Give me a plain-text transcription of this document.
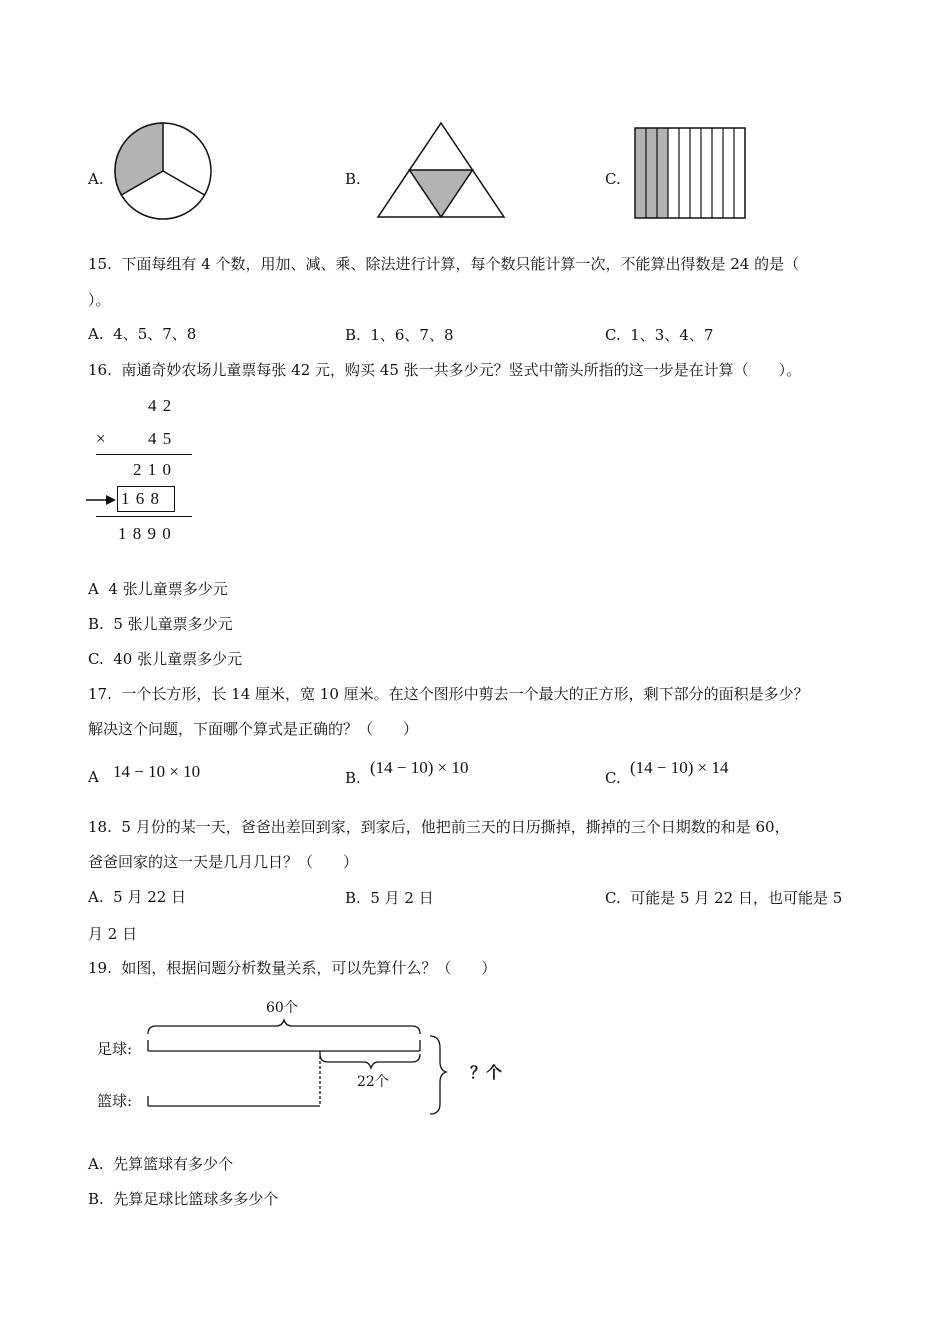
A.	B.	C.
15. 下面每组有 4 个数，用加、减、乘、除法进行计算，每个数只能计算一次，不能算出得数是 24 的是（
）。
A. 4、5、7、8	B. 1、6、7、8	C. 1、3、4、7
16. 南通奇妙农场儿童票每张 42 元，购买 45 张一共多少元？竖式中箭头所指的这一步是在计算（　　）。
4 2
× 4 5
2 1 0
1 6 8
1 8 9 0
A 4 张儿童票多少元
B. 5 张儿童票多少元
C. 40 张儿童票多少元
17. 一个长方形，长 14 厘米，宽 10 厘米。在这个图形中剪去一个最大的正方形，剩下部分的面积是多少？
解决这个问题，下面哪个算式是正确的？（　　）
A 14 − 10 × 10	B.
(14 − 10) × 10
C.
(14 − 10) × 14
18. 5 月份的某一天，爸爸出差回到家，到家后，他把前三天的日历撕掉，撕掉的三个日期数的和是 60，
爸爸回家的这一天是几月几日？（　　）
A. 5 月 22 日	B. 5 月 2 日	C. 可能是 5 月 22 日，也可能是 5
月 2 日
19. 如图，根据问题分析数量关系，可以先算什么？（　　）
60个
足球:
篮球:
22个	？个
A. 先算篮球有多少个
B. 先算足球比篮球多多少个
